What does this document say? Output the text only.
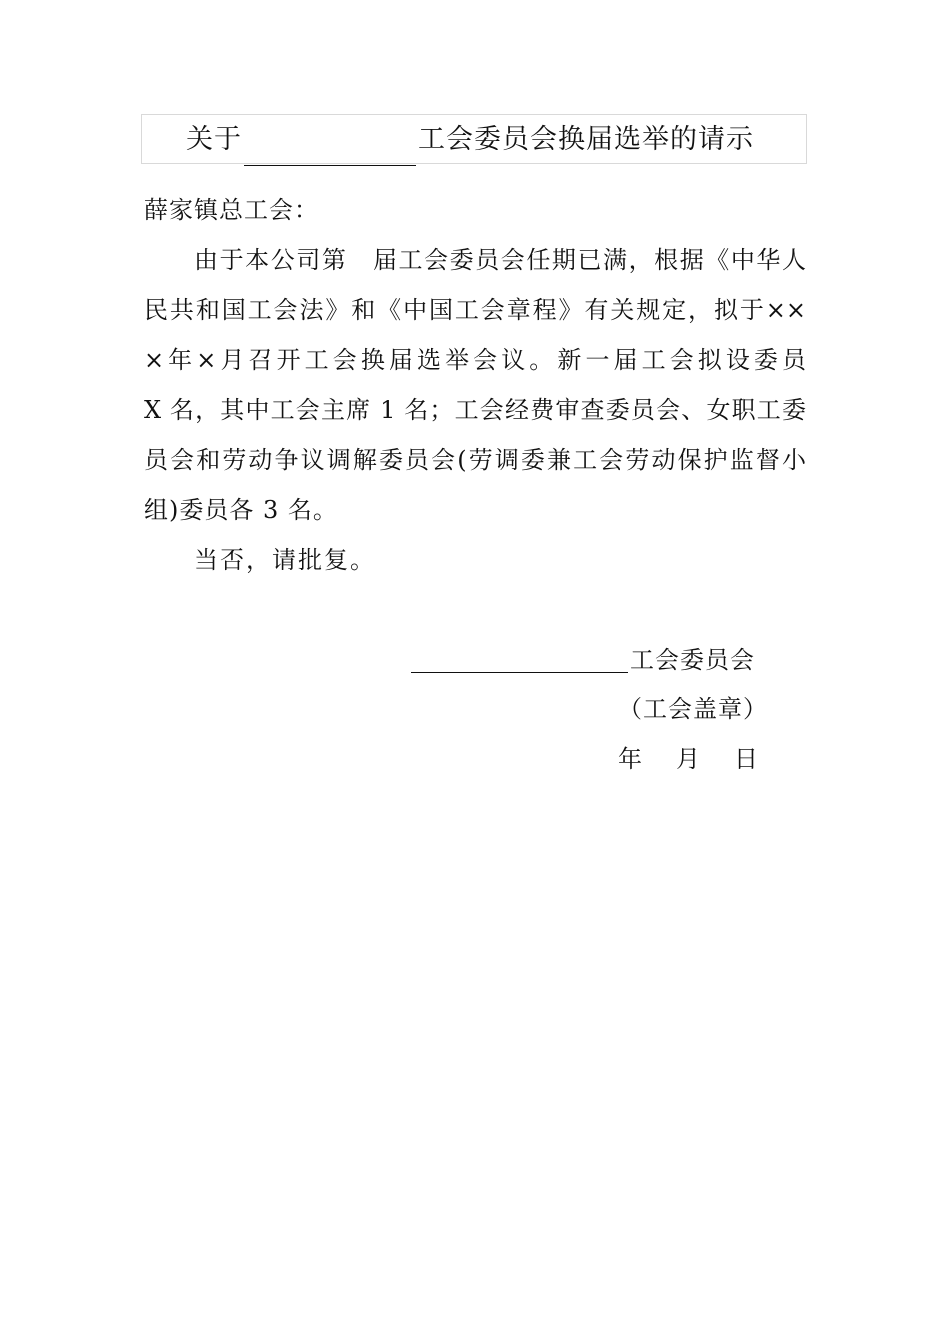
关于	工会委员会换届选举的请示
薛家镇总工会：
由于本公司第　届工会委员会任期已满，根据《中华人
民共和国工会法》和《中国工会章程》有关规定，拟于××
×年×月召开工会换届选举会议。新一届工会拟设委员
X 名，其中工会主席 1 名；工会经费审查委员会、女职工委
员会和劳动争议调解委员会(劳调委兼工会劳动保护监督小
组)委员各 3 名。
当否，请批复。
工会委员会
（工会盖章）
年 月 日
